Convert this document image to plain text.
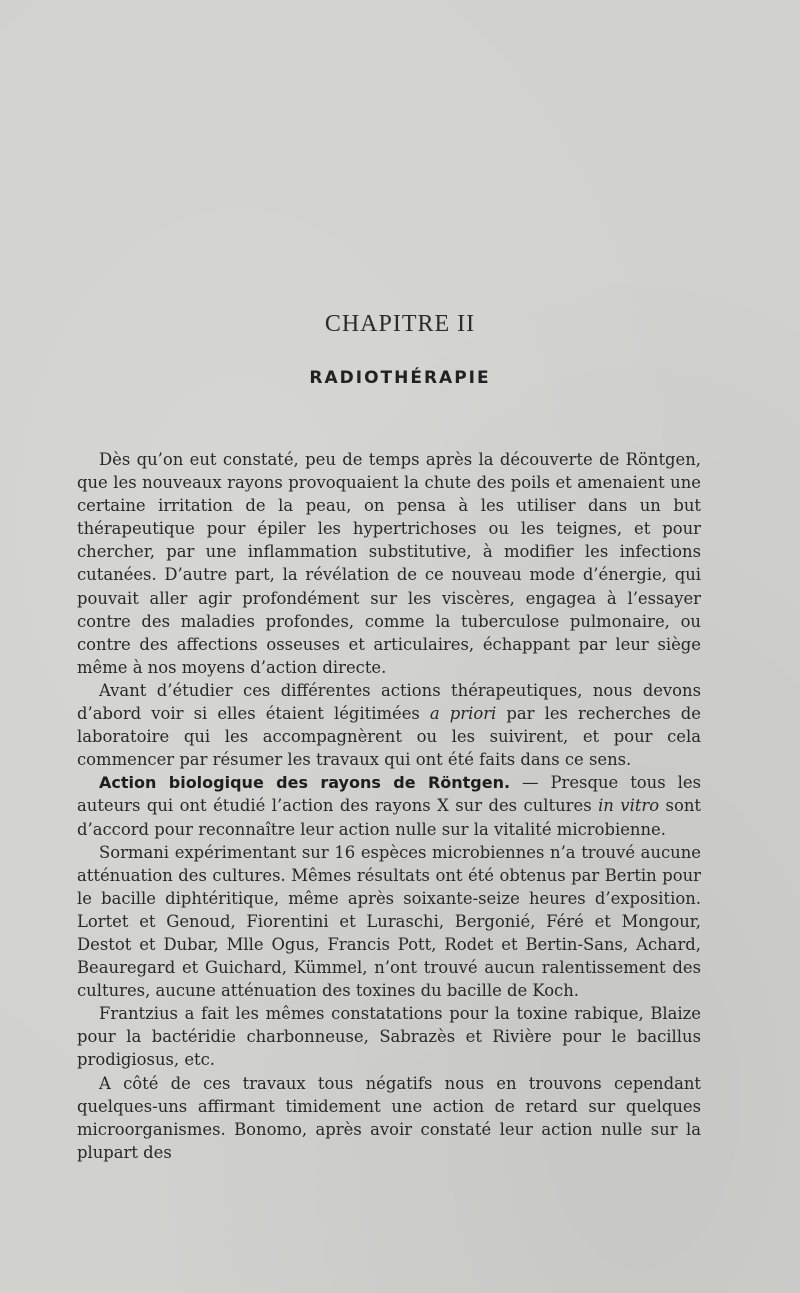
CHAPITRE II
RADIOTHÉRAPIE

Dès qu’on eut constaté, peu de temps après la découverte de Röntgen, que les nouveaux rayons provoquaient la chute des poils et amenaient une certaine irritation de la peau, on pensa à les utiliser dans un but thérapeutique pour épiler les hypertrichoses ou les teignes, et pour chercher, par une inflammation substitutive, à modifier les infections cutanées. D’autre part, la révélation de ce nouveau mode d’énergie, qui pouvait aller agir profondément sur les viscères, engagea à l’essayer contre des maladies profondes, comme la tuberculose pulmonaire, ou contre des affections osseuses et articulaires, échappant par leur siège même à nos moyens d’action directe.

Avant d’étudier ces différentes actions thérapeutiques, nous devons d’abord voir si elles étaient légitimées a priori par les recherches de laboratoire qui les accompagnèrent ou les suivirent, et pour cela commencer par résumer les travaux qui ont été faits dans ce sens.

Action biologique des rayons de Röntgen. — Presque tous les auteurs qui ont étudié l’action des rayons X sur des cultures in vitro sont d’accord pour reconnaître leur action nulle sur la vitalité microbienne.

Sormani expérimentant sur 16 espèces microbiennes n’a trouvé aucune atténuation des cultures. Mêmes résultats ont été obtenus par Bertin pour le bacille diphtéritique, même après soixante-seize heures d’exposition. Lortet et Genoud, Fiorentini et Luraschi, Bergonié, Féré et Mongour, Destot et Dubar, Mlle Ogus, Francis Pott, Rodet et Bertin-Sans, Achard, Beauregard et Guichard, Kümmel, n’ont trouvé aucun ralentissement des cultures, aucune atténuation des toxines du bacille de Koch.

Frantzius a fait les mêmes constatations pour la toxine rabique, Blaize pour la bactéridie charbonneuse, Sabrazès et Rivière pour le bacillus prodigiosus, etc.

A côté de ces travaux tous négatifs nous en trouvons cependant quelques-uns affirmant timidement une action de retard sur quelques microorganismes. Bonomo, après avoir constaté leur action nulle sur la plupart des
